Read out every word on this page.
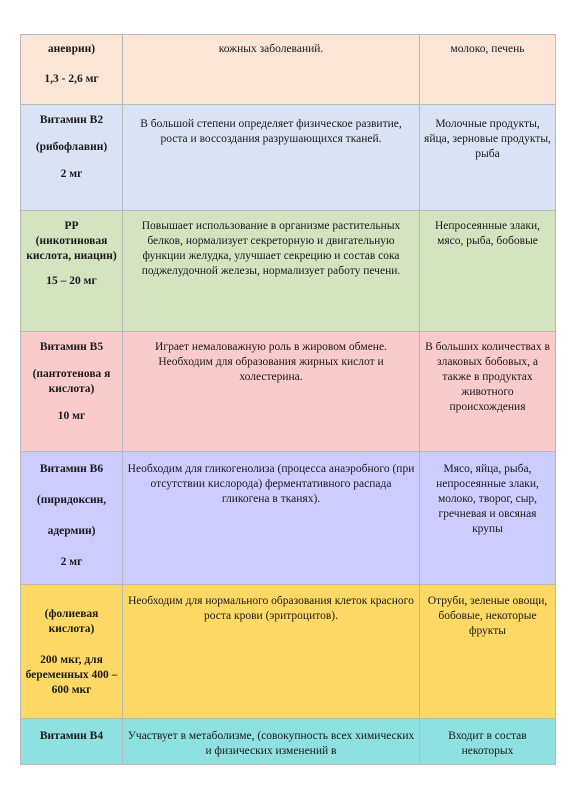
аневрин)

1,3 - 2,6 мг	кожных заболеваний.	молоко, печень

Витамин В2

(рибофлавин)

2 мг	В большой степени определяет физическое развитие, роста и воссоздания разрушающихся тканей.	Молочные продукты, яйца, зерновые продукты, рыба

PP

(никотиновая кислота, ниацин)

15 – 20 мг	Повышает использование в организме растительных белков, нормализует секреторную и двигательную функции желудка, улучшает секрецию и состав сока поджелудочной железы, нормализует работу печени.	Непросеянные злаки, мясо, рыба, бобовые

Витамин В5

(пантотенова я кислота)

10 мг	Играет немаловажную роль в жировом обмене. Необходим для образования жирных кислот и холестерина.	В больших количествах в злаковых бобовых, а также в продуктах животного происхождения

Витамин В6

(пиридоксин,

адермин)

2 мг	Необходим для гликогенолиза (процесса анаэробного (при отсутствии кислорода) ферментативного распада гликогена в тканях).	Мясо, яйца, рыба, непросеянные злаки, молоко, творог, сыр, гречневая и овсяная крупы

(фолиевая кислота)

200 мкг, для беременных 400 – 600 мкг	Необходим для нормального образования клеток красного роста крови (эритроцитов).	Отруби, зеленые овощи, бобовые, некоторые фрукты

Витамин В4	Участвует в метаболизме, (совокупность всех химических и физических изменений в	Входит в состав некоторых
